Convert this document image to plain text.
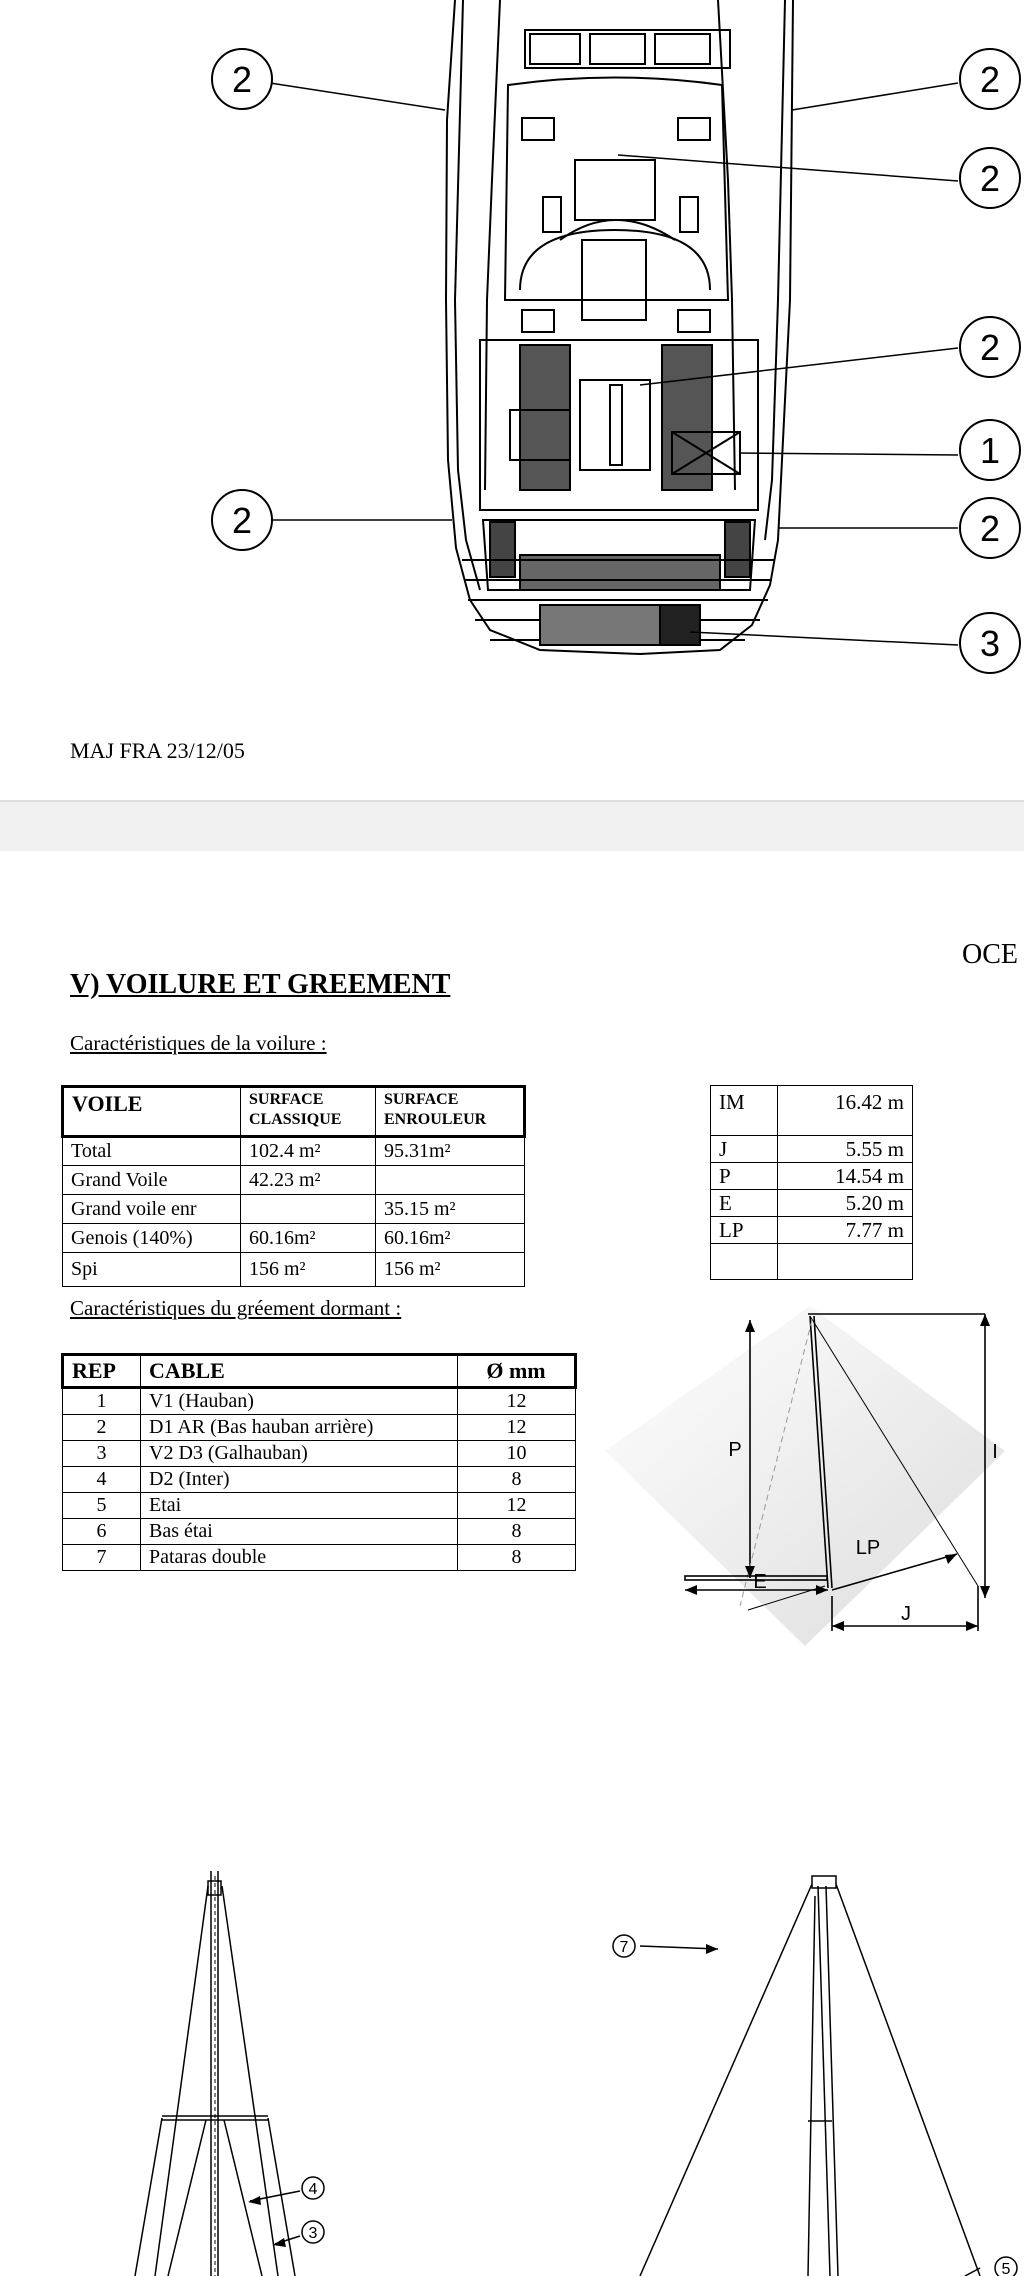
2	2
2
2
1
2	2
3
MAJ FRA 23/12/05
OCE
V) VOILURE ET GREEMENT
Caractéristiques de la voilure :
VOILE	SURFACE CLASSIQUE	SURFACE ENROULEUR
Total	102.4 m²	95.31m²
Grand Voile	42.23 m²	
Grand voile enr		35.15 m²
Genois (140%)	60.16m²	60.16m²
Spi	156 m²	156 m²
IM	16.42 m
J	5.55 m
P	14.54 m
E	5.20 m
LP	7.77 m

Caractéristiques du gréement dormant :
REP	CABLE	Ø mm
1	V1 (Hauban)	12
2	D1 AR (Bas hauban arrière)	12
3	V2 D3 (Galhauban)	10
4	D2 (Inter)	8
5	Etai	12
6	Bas étai	8
7	Pataras double	8
P	I
LP
E
J
7
4
3
5
